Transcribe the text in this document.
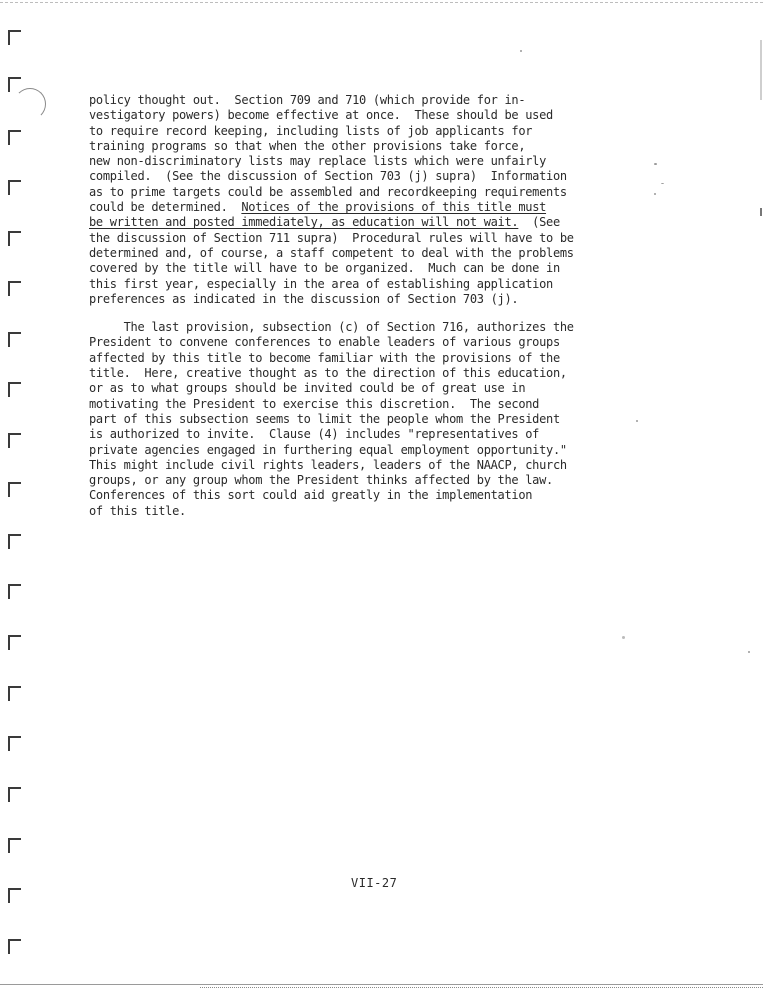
policy thought out.  Section 709 and 710 (which provide for in-
vestigatory powers) become effective at once.  These should be used
to require record keeping, including lists of job applicants for
training programs so that when the other provisions take force,
new non-discriminatory lists may replace lists which were unfairly
compiled.  (See the discussion of Section 703 (j) supra)  Information
as to prime targets could be assembled and recordkeeping requirements
could be determined. Notices of the provisions of this title must
be written and posted immediately, as education will not wait.  (See
the discussion of Section 711 supra)  Procedural rules will have to be
determined and, of course, a staff competent to deal with the problems
covered by the title will have to be organized.  Much can be done in
this first year, especially in the area of establishing application
preferences as indicated in the discussion of Section 703 (j).
The last provision, subsection (c) of Section 716, authorizes the
President to convene conferences to enable leaders of various groups
affected by this title to become familiar with the provisions of the
title.  Here, creative thought as to the direction of this education,
or as to what groups should be invited could be of great use in
motivating the President to exercise this discretion.  The second
part of this subsection seems to limit the people whom the President
is authorized to invite.  Clause (4) includes "representatives of
private agencies engaged in furthering equal employment opportunity."
This might include civil rights leaders, leaders of the NAACP, church
groups, or any group whom the President thinks affected by the law.
Conferences of this sort could aid greatly in the implementation
of this title.
VII-27
